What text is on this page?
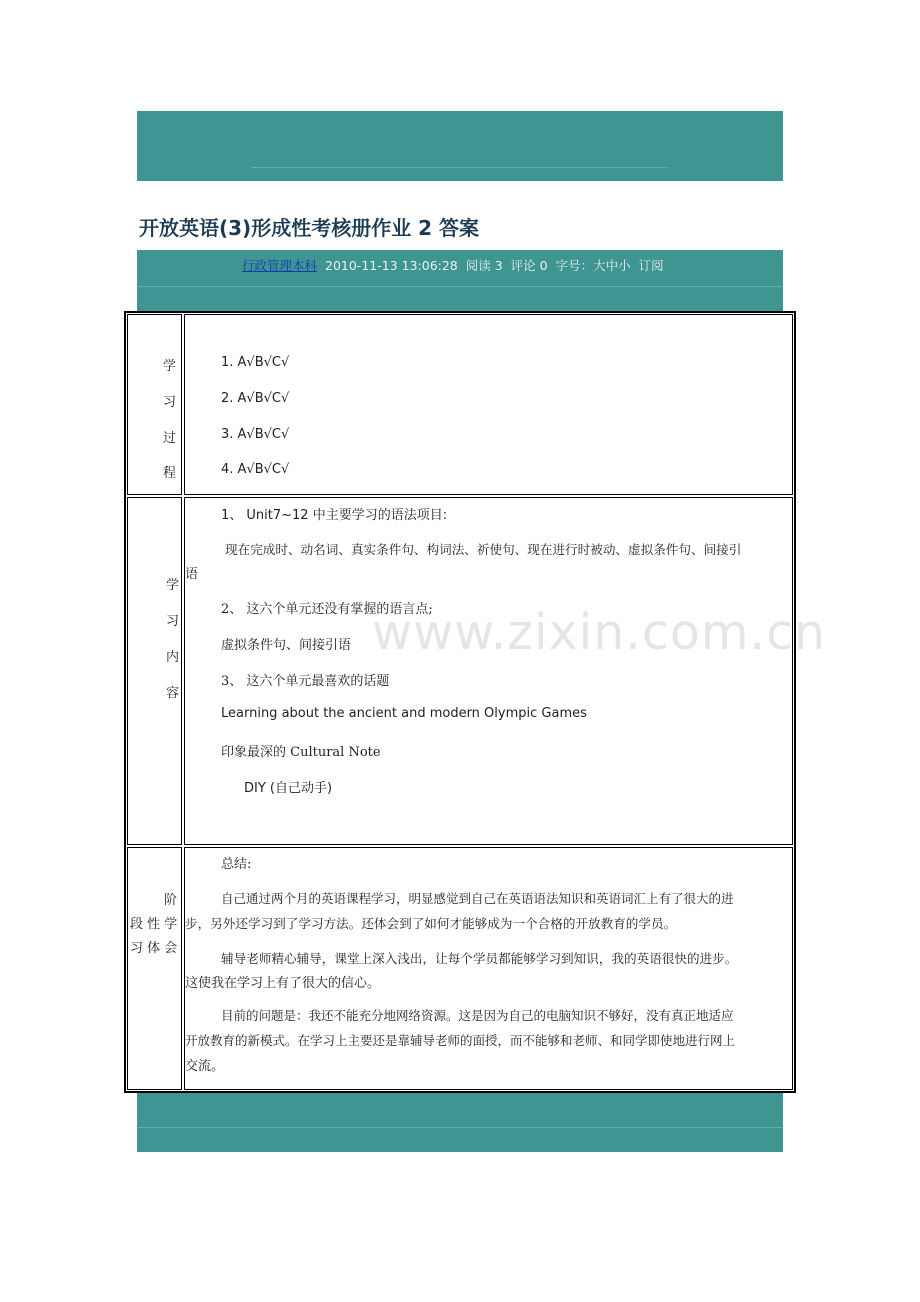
开放英语(3)形成性考核册作业 2 答案
行政管理本科 2010-11-13 13:06:28 阅读 3 评论 0 字号：大中小 订阅
学
习
过
程
1. A√B√C√
2. A√B√C√
3. A√B√C√
4. A√B√C√
学
习
内
容
1、 Unit7~12 中主要学习的语法项目:
现在完成时、动名词、真实条件句、构词法、祈使句、现在进行时被动、虚拟条件句、间接引
语
2、 这六个单元还没有掌握的语言点;
虚拟条件句、间接引语
3、 这六个单元最喜欢的话题
Learning about the ancient and modern Olympic Games
印象最深的 Cultural Note
DIY (自己动手)
阶
段 性 学
习 体 会
总结:
自己通过两个月的英语课程学习，明显感觉到自己在英语语法知识和英语词汇上有了很大的进
步，另外还学习到了学习方法。还体会到了如何才能够成为一个合格的开放教育的学员。
辅导老师精心辅导，课堂上深入浅出，让每个学员都能够学习到知识，我的英语很快的进步。
这使我在学习上有了很大的信心。
目前的问题是：我还不能充分地网络资源。这是因为自己的电脑知识不够好，没有真正地适应
开放教育的新模式。在学习上主要还是靠辅导老师的面授，而不能够和老师、和同学即使地进行网上
交流。
www.zixin.com.cn
